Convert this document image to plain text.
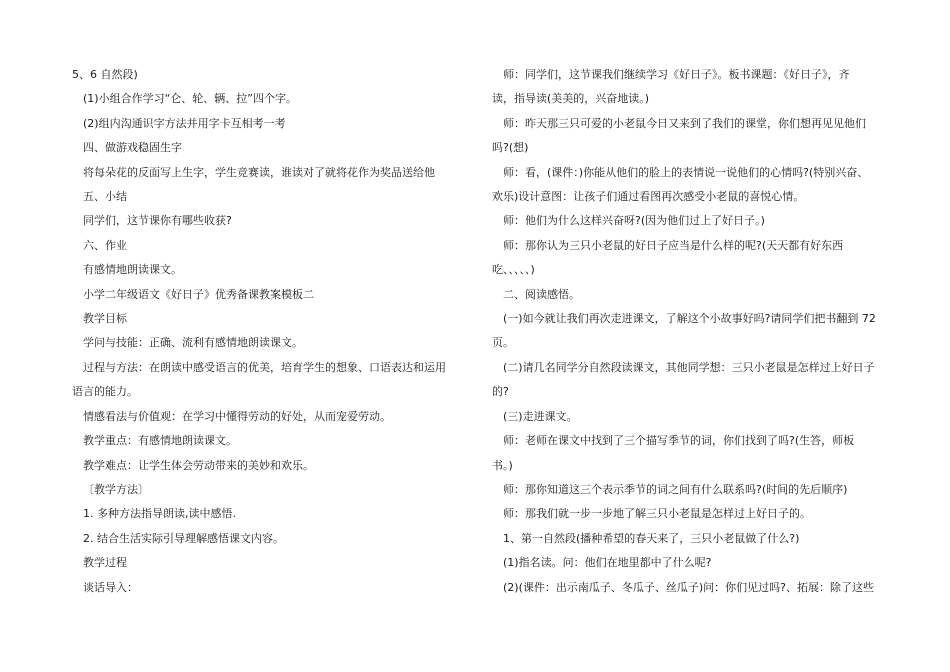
5、6 自然段)
(1)小组合作学习“仑、轮、辆、拉”四个字。
(2)组内沟通识字方法并用字卡互相考一考
四、做游戏稳固生字
将每朵花的反面写上生字，学生竞赛读，谁读对了就将花作为奖品送给他
五、小结
同学们，这节课你有哪些收获?
六、作业
有感情地朗读课文。
小学二年级语文《好日子》优秀备课教案模板二
教学目标
学问与技能：正确、流利有感情地朗读课文。
过程与方法：在朗读中感受语言的优美，培育学生的想象、口语表达和运用
语言的能力。
情感看法与价值观：在学习中懂得劳动的好处，从而宠爱劳动。
教学重点：有感情地朗读课文。
教学难点：让学生体会劳动带来的美妙和欢乐。
〔教学方法〕
1. 多种方法指导朗读,读中感悟.
2. 结合生活实际引导理解感悟课文内容。
教学过程
谈话导入：
师：同学们，这节课我们继续学习《好日子》。板书课题：《好日子》，齐
读，指导读(美美的，兴奋地读。)
师：昨天那三只可爱的小老鼠今日又来到了我们的课堂，你们想再见见他们
吗?(想)
师：看，(课件：)你能从他们的脸上的表情说一说他们的心情吗?(特别兴奋、
欢乐)设计意图：让孩子们通过看图再次感受小老鼠的喜悦心情。
师：他们为什么这样兴奋呀?(因为他们过上了好日子。)
师：那你认为三只小老鼠的好日子应当是什么样的呢?(天天都有好东西
吃、、、、、)
二、阅读感悟。
(一)如今就让我们再次走进课文，了解这个小故事好吗?请同学们把书翻到 72
页。
(二)请几名同学分自然段读课文，其他同学想：三只小老鼠是怎样过上好日子
的?
(三)走进课文。
师：老师在课文中找到了三个描写季节的词，你们找到了吗?(生答，师板
书。)
师：那你知道这三个表示季节的词之间有什么联系吗?(时间的先后顺序)
师：那我们就一步一步地了解三只小老鼠是怎样过上好日子的。
1、第一自然段(播种希望的春天来了，三只小老鼠做了什么?)
(1)指名读。问：他们在地里都中了什么呢?
(2)(课件：出示南瓜子、冬瓜子、丝瓜子)问：你们见过吗?、拓展：除了这些
